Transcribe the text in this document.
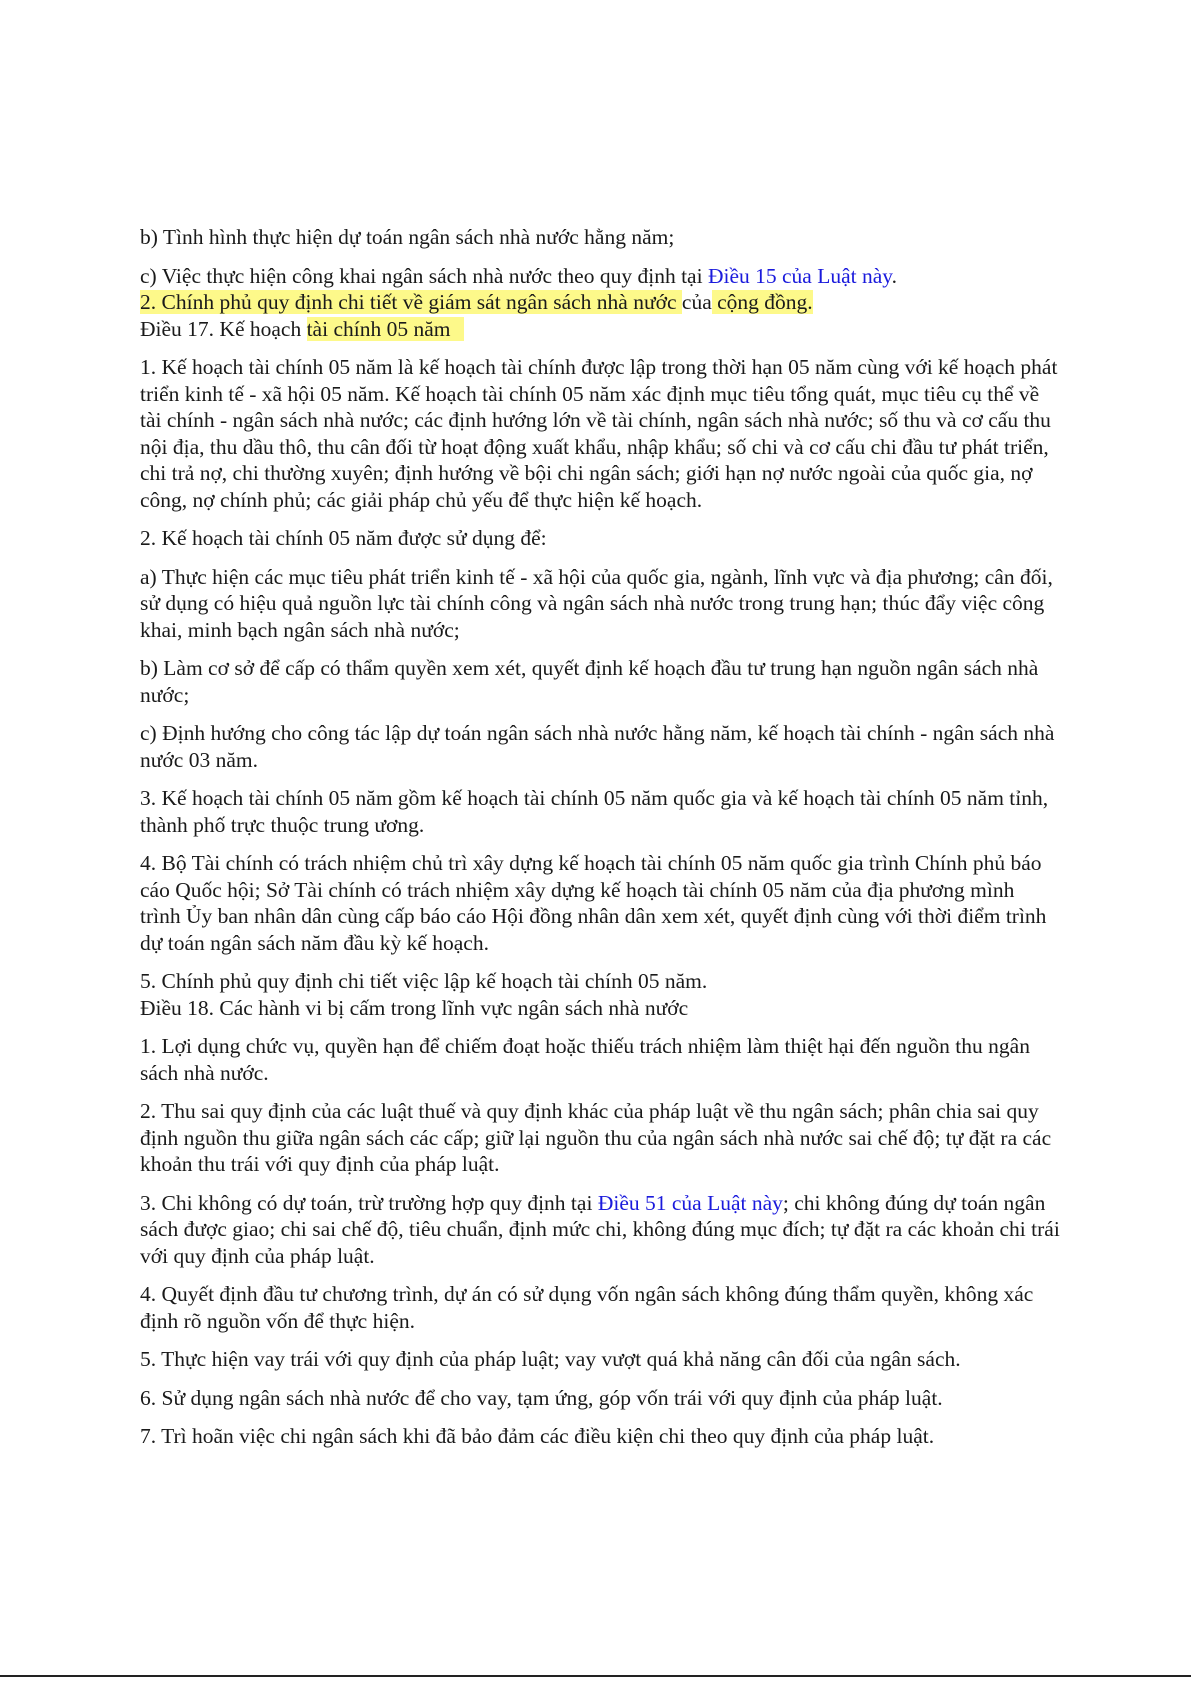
b) Tình hình thực hiện dự toán ngân sách nhà nước hằng năm;

c) Việc thực hiện công khai ngân sách nhà nước theo quy định tại Điều 15 của Luật này.

2. Chính phủ quy định chi tiết về giám sát ngân sách nhà nước của cộng đồng.

Điều 17. Kế hoạch tài chính 05 năm

1. Kế hoạch tài chính 05 năm là kế hoạch tài chính được lập trong thời hạn 05 năm cùng với kế hoạch phát triển kinh tế - xã hội 05 năm. Kế hoạch tài chính 05 năm xác định mục tiêu tổng quát, mục tiêu cụ thể về tài chính - ngân sách nhà nước; các định hướng lớn về tài chính, ngân sách nhà nước; số thu và cơ cấu thu nội địa, thu dầu thô, thu cân đối từ hoạt động xuất khẩu, nhập khẩu; số chi và cơ cấu chi đầu tư phát triển, chi trả nợ, chi thường xuyên; định hướng về bội chi ngân sách; giới hạn nợ nước ngoài của quốc gia, nợ công, nợ chính phủ; các giải pháp chủ yếu để thực hiện kế hoạch.

2. Kế hoạch tài chính 05 năm được sử dụng để:

a) Thực hiện các mục tiêu phát triển kinh tế - xã hội của quốc gia, ngành, lĩnh vực và địa phương; cân đối, sử dụng có hiệu quả nguồn lực tài chính công và ngân sách nhà nước trong trung hạn; thúc đẩy việc công khai, minh bạch ngân sách nhà nước;

b) Làm cơ sở để cấp có thẩm quyền xem xét, quyết định kế hoạch đầu tư trung hạn nguồn ngân sách nhà nước;

c) Định hướng cho công tác lập dự toán ngân sách nhà nước hằng năm, kế hoạch tài chính - ngân sách nhà nước 03 năm.

3. Kế hoạch tài chính 05 năm gồm kế hoạch tài chính 05 năm quốc gia và kế hoạch tài chính 05 năm tỉnh, thành phố trực thuộc trung ương.

4. Bộ Tài chính có trách nhiệm chủ trì xây dựng kế hoạch tài chính 05 năm quốc gia trình Chính phủ báo cáo Quốc hội; Sở Tài chính có trách nhiệm xây dựng kế hoạch tài chính 05 năm của địa phương mình trình Ủy ban nhân dân cùng cấp báo cáo Hội đồng nhân dân xem xét, quyết định cùng với thời điểm trình dự toán ngân sách năm đầu kỳ kế hoạch.

5. Chính phủ quy định chi tiết việc lập kế hoạch tài chính 05 năm.

Điều 18. Các hành vi bị cấm trong lĩnh vực ngân sách nhà nước

1. Lợi dụng chức vụ, quyền hạn để chiếm đoạt hoặc thiếu trách nhiệm làm thiệt hại đến nguồn thu ngân sách nhà nước.

2. Thu sai quy định của các luật thuế và quy định khác của pháp luật về thu ngân sách; phân chia sai quy định nguồn thu giữa ngân sách các cấp; giữ lại nguồn thu của ngân sách nhà nước sai chế độ; tự đặt ra các khoản thu trái với quy định của pháp luật.

3. Chi không có dự toán, trừ trường hợp quy định tại Điều 51 của Luật này; chi không đúng dự toán ngân sách được giao; chi sai chế độ, tiêu chuẩn, định mức chi, không đúng mục đích; tự đặt ra các khoản chi trái với quy định của pháp luật.

4. Quyết định đầu tư chương trình, dự án có sử dụng vốn ngân sách không đúng thẩm quyền, không xác định rõ nguồn vốn để thực hiện.

5. Thực hiện vay trái với quy định của pháp luật; vay vượt quá khả năng cân đối của ngân sách.

6. Sử dụng ngân sách nhà nước để cho vay, tạm ứng, góp vốn trái với quy định của pháp luật.

7. Trì hoãn việc chi ngân sách khi đã bảo đảm các điều kiện chi theo quy định của pháp luật.
